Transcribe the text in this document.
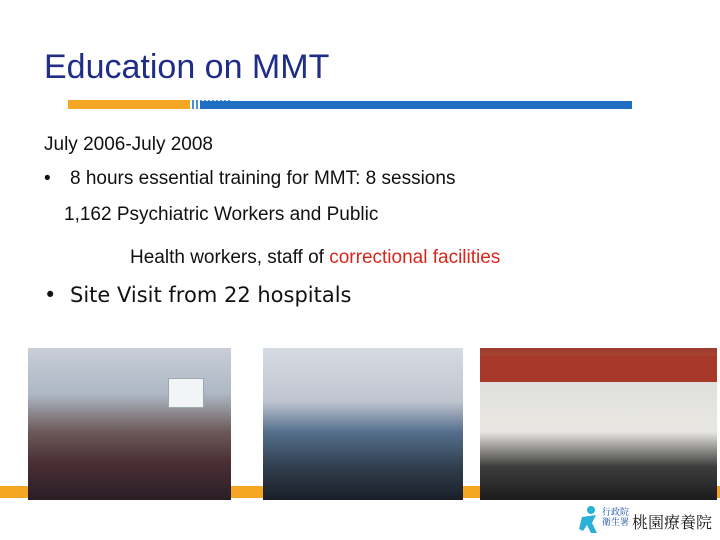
Education on MMT
July 2006-July 2008
• 8 hours essential training for MMT: 8 sessions
1,162 Psychiatric Workers and Public
Health workers, staff of correctional facilities
• Site Visit from 22 hospitals
行政院
衛生署 桃園療養院
